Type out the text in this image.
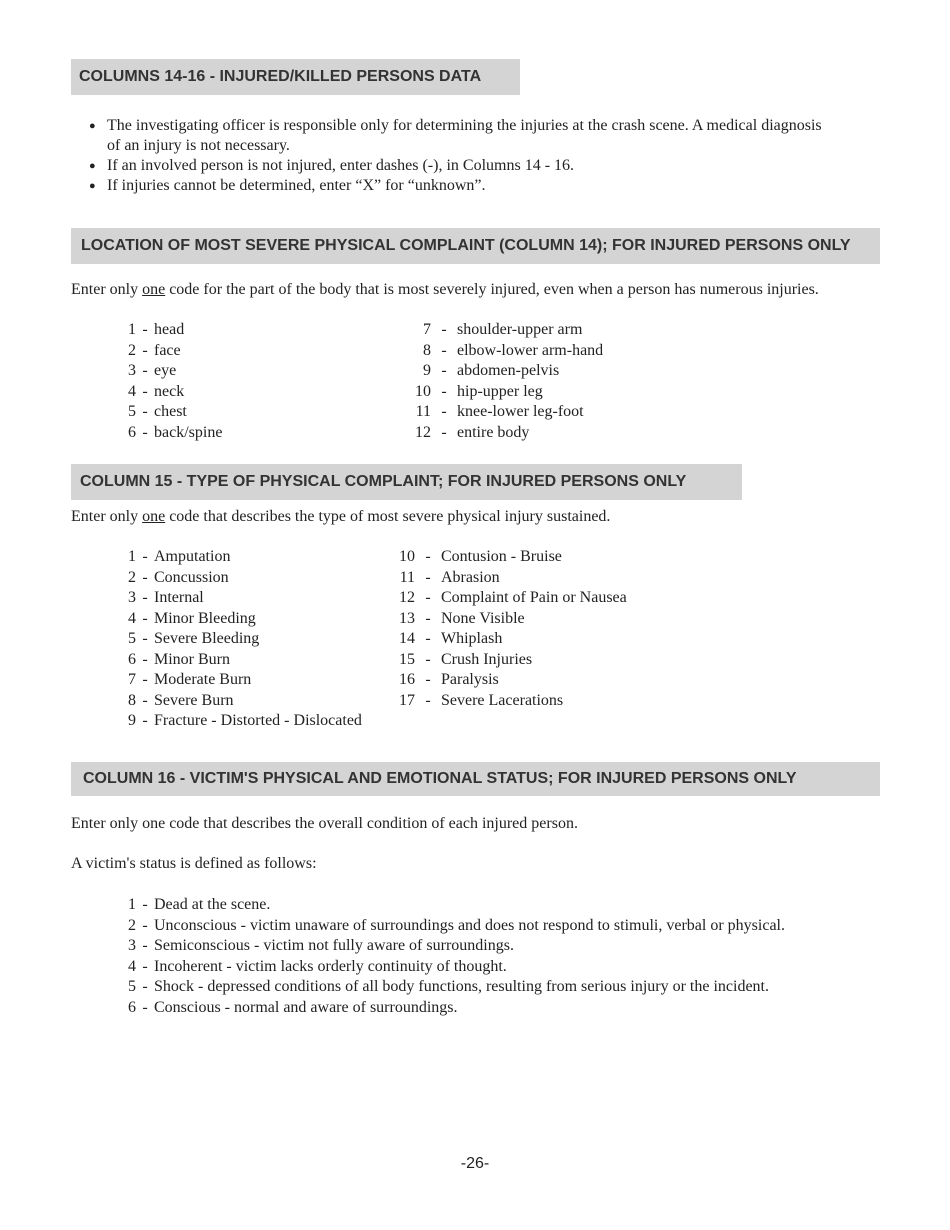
COLUMNS 14-16 - INJURED/KILLED PERSONS DATA
● The investigating officer is responsible only for determining the injuries at the crash scene. A medical diagnosis of an injury is not necessary.
● If an involved person is not injured, enter dashes (-), in Columns 14 - 16.
● If injuries cannot be determined, enter “X” for “unknown”.
LOCATION OF MOST SEVERE PHYSICAL COMPLAINT (COLUMN 14); FOR INJURED PERSONS ONLY
Enter only one code for the part of the body that is most severely injured, even when a person has numerous injuries.
1 - head
2 - face
3 - eye
4 - neck
5 - chest
6 - back/spine
7 - shoulder-upper arm
8 - elbow-lower arm-hand
9 - abdomen-pelvis
10 - hip-upper leg
11 - knee-lower leg-foot
12 - entire body
COLUMN 15 - TYPE OF PHYSICAL COMPLAINT; FOR INJURED PERSONS ONLY
Enter only one code that describes the type of most severe physical injury sustained.
1 - Amputation
2 - Concussion
3 - Internal
4 - Minor Bleeding
5 - Severe Bleeding
6 - Minor Burn
7 - Moderate Burn
8 - Severe Burn
9 - Fracture - Distorted - Dislocated
10 - Contusion - Bruise
11 - Abrasion
12 - Complaint of Pain or Nausea
13 - None Visible
14 - Whiplash
15 - Crush Injuries
16 - Paralysis
17 - Severe Lacerations
COLUMN 16 - VICTIM'S PHYSICAL AND EMOTIONAL STATUS; FOR INJURED PERSONS ONLY
Enter only one code that describes the overall condition of each injured person.
A victim's status is defined as follows:
1 - Dead at the scene.
2 - Unconscious - victim unaware of surroundings and does not respond to stimuli, verbal or physical.
3 - Semiconscious - victim not fully aware of surroundings.
4 - Incoherent - victim lacks orderly continuity of thought.
5 - Shock - depressed conditions of all body functions, resulting from serious injury or the incident.
6 - Conscious - normal and aware of surroundings.
-26-
